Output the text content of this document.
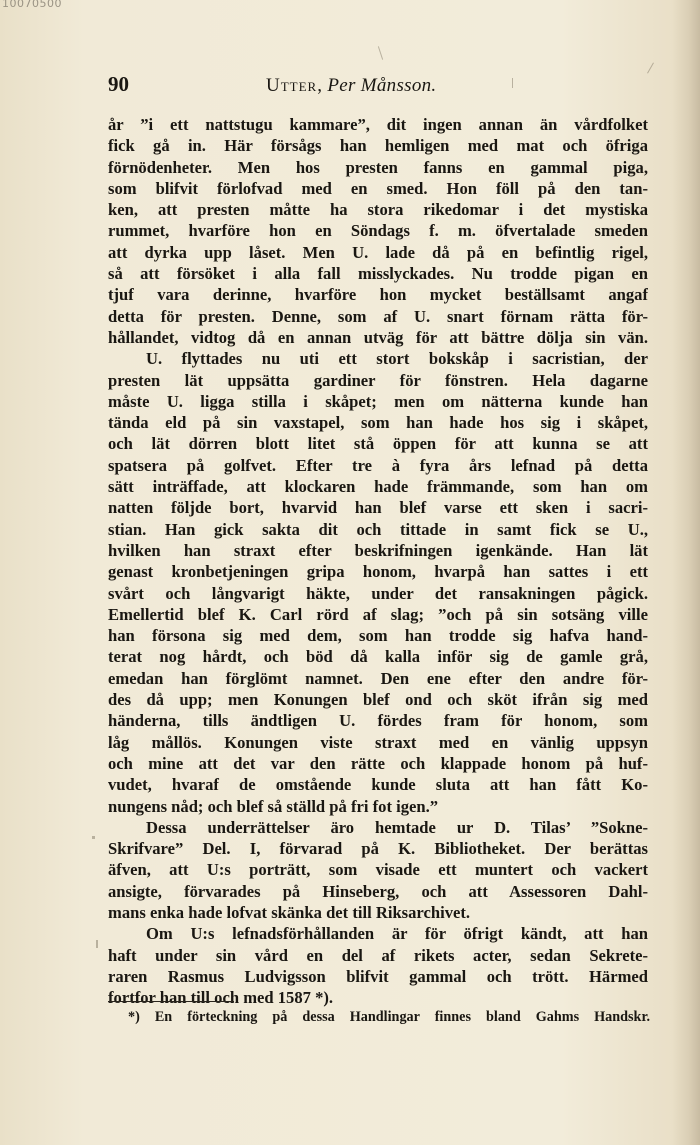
10070500
90	Utter, Per Månsson.
år ”i ett nattstugu kammare”, dit ingen annan än vårdfolket
fick gå in. Här försågs han hemligen med mat och öfriga
förnödenheter. Men hos presten fanns en gammal piga,
som blifvit förlofvad med en smed. Hon föll på den tan-
ken, att presten måtte ha stora rikedomar i det mystiska
rummet, hvarföre hon en Söndags f. m. öfvertalade smeden
att dyrka upp låset. Men U. lade då på en befintlig rigel,
så att försöket i alla fall misslyckades. Nu trodde pigan en
tjuf vara derinne, hvarföre hon mycket beställsamt angaf
detta för presten. Denne, som af U. snart förnam rätta för-
hållandet, vidtog då en annan utväg för att bättre dölja sin vän.
U. flyttades nu uti ett stort bokskåp i sacristian, der
presten lät uppsätta gardiner för fönstren. Hela dagarne
måste U. ligga stilla i skåpet; men om nätterna kunde han
tända eld på sin vaxstapel, som han hade hos sig i skåpet,
och lät dörren blott litet stå öppen för att kunna se att
spatsera på golfvet. Efter tre à fyra års lefnad på detta
sätt inträffade, att klockaren hade främmande, som han om
natten följde bort, hvarvid han blef varse ett sken i sacri-
stian. Han gick sakta dit och tittade in samt fick se U.,
hvilken han straxt efter beskrifningen igenkände. Han lät
genast kronbetjeningen gripa honom, hvarpå han sattes i ett
svårt och långvarigt häkte, under det ransakningen pågick.
Emellertid blef K. Carl rörd af slag; ”och på sin sotsäng ville
han försona sig med dem, som han trodde sig hafva hand-
terat nog hårdt, och böd då kalla inför sig de gamle grå,
emedan han förglömt namnet. Den ene efter den andre för-
des då upp; men Konungen blef ond och sköt ifrån sig med
händerna, tills ändtligen U. fördes fram för honom, som
låg mållös. Konungen viste straxt med en vänlig uppsyn
och mine att det var den rätte och klappade honom på huf-
vudet, hvaraf de omstående kunde sluta att han fått Ko-
nungens nåd; och blef så ställd på fri fot igen.”
Dessa underrättelser äro hemtade ur D. Tilas’ ”Sokne-
Skrifvare” Del. I, förvarad på K. Bibliotheket. Der berättas
äfven, att U:s porträtt, som visade ett muntert och vackert
ansigte, förvarades på Hinseberg, och att Assessoren Dahl-
mans enka hade lofvat skänka det till Riksarchivet.
Om U:s lefnadsförhållanden är för öfrigt kändt, att han
haft under sin vård en del af rikets acter, sedan Sekrete-
raren Rasmus Ludvigsson blifvit gammal och trött. Härmed
fortfor han till och med 1587 *).
*) En förteckning på dessa Handlingar finnes bland Gahms Handskr.
